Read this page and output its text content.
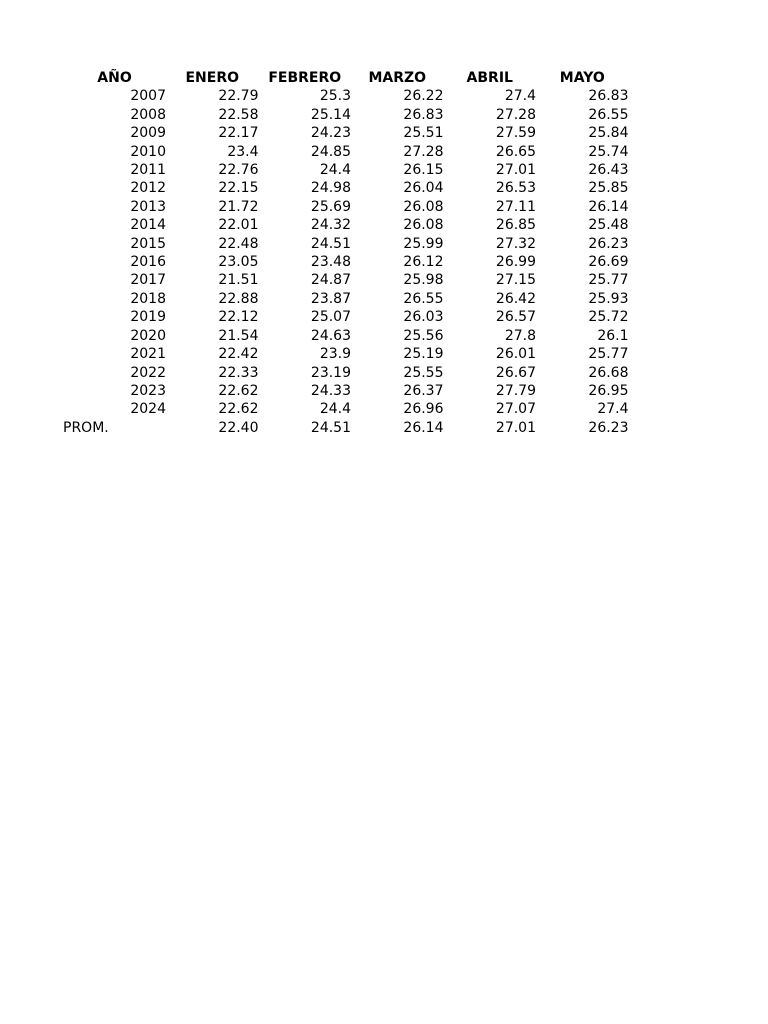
AÑO	ENERO	FEBRERO	MARZO	ABRIL	MAYO
2007	22.79	25.3	26.22	27.4	26.83
2008	22.58	25.14	26.83	27.28	26.55
2009	22.17	24.23	25.51	27.59	25.84
2010	23.4	24.85	27.28	26.65	25.74
2011	22.76	24.4	26.15	27.01	26.43
2012	22.15	24.98	26.04	26.53	25.85
2013	21.72	25.69	26.08	27.11	26.14
2014	22.01	24.32	26.08	26.85	25.48
2015	22.48	24.51	25.99	27.32	26.23
2016	23.05	23.48	26.12	26.99	26.69
2017	21.51	24.87	25.98	27.15	25.77
2018	22.88	23.87	26.55	26.42	25.93
2019	22.12	25.07	26.03	26.57	25.72
2020	21.54	24.63	25.56	27.8	26.1
2021	22.42	23.9	25.19	26.01	25.77
2022	22.33	23.19	25.55	26.67	26.68
2023	22.62	24.33	26.37	27.79	26.95
2024	22.62	24.4	26.96	27.07	27.4
PROM.	22.40	24.51	26.14	27.01	26.23
